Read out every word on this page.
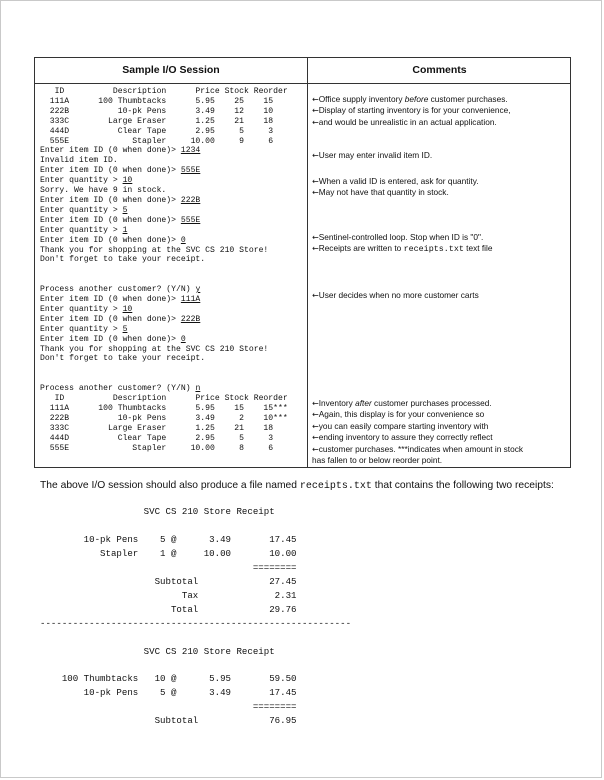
Sample I/O Session	Comments
ID          Description      Price Stock Reorder
111A      100 Thumbtacks      5.95    25    15
222B          10-pk Pens      3.49    12    10
333C        Large Eraser      1.25    21    18
444D          Clear Tape      2.95     5     3
555E             Stapler     10.00     9     6
Enter item ID (0 when done)> 1234
Invalid item ID.
Enter item ID (0 when done)> 555E
Enter quantity > 10
Sorry. We have 9 in stock.
Enter item ID (0 when done)> 222B
Enter quantity > 5
Enter item ID (0 when done)> 555E
Enter quantity > 1
Enter item ID (0 when done)> 0
Thank you for shopping at the SVC CS 210 Store!
Don't forget to take your receipt.

Process another customer? (Y/N) y
Enter item ID (0 when done)> 111A
Enter quantity > 10
Enter item ID (0 when done)> 222B
Enter quantity > 5
Enter item ID (0 when done)> 0
Thank you for shopping at the SVC CS 210 Store!
Don't forget to take your receipt.

Process another customer? (Y/N) n
ID          Description      Price Stock Reorder
111A      100 Thumbtacks      5.95    15    15***
222B          10-pk Pens      3.49     2    10***
333C        Large Eraser      1.25    21    18
444D          Clear Tape      2.95     5     3
555E             Stapler     10.00     8     6
←Office supply inventory before customer purchases.
←Display of starting inventory is for your convenience,
←and would be unrealistic in an actual application.
←User may enter invalid item ID.
←When a valid ID is entered, ask for quantity.
←May not have that quantity in stock.
←Sentinel-controlled loop. Stop when ID is "0".
←Receipts are written to receipts.txt text file
←User decides when no more customer carts
←Inventory after customer purchases processed.
←Again, this display is for your convenience so
←you can easily compare starting inventory with
←ending inventory to assure they correctly reflect
←customer purchases. ***indicates when amount in stock
has fallen to or below reorder point.
The above I/O session should also produce a file named receipts.txt that contains the following two receipts:
SVC CS 210 Store Receipt

10-pk Pens    5 @      3.49       17.45
Stapler    1 @     10.00       10.00
========
Subtotal             27.45
Tax              2.31
Total             29.76
---------------------------------------------------------

SVC CS 210 Store Receipt

100 Thumbtacks   10 @      5.95       59.50
10-pk Pens    5 @      3.49       17.45
========
Subtotal             76.95
